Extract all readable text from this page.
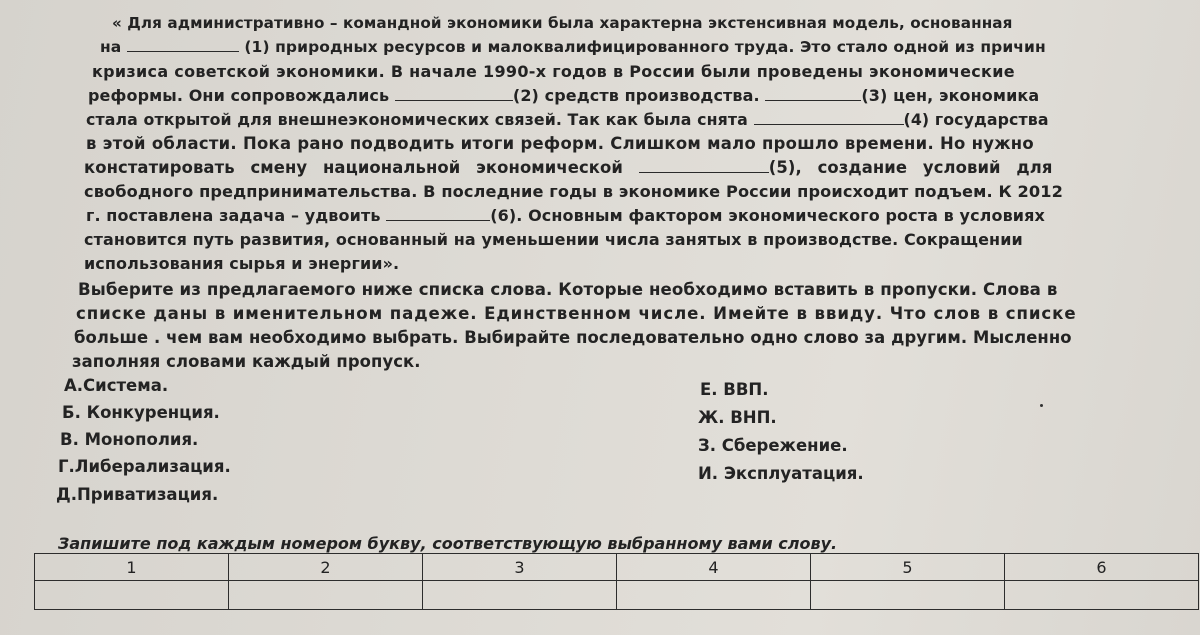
« Для административно – командной экономики была характерна экстенсивная модель, основанная
на	(1) природных ресурсов и малоквалифицированного труда. Это стало одной из причин
кризиса советской экономики. В начале 1990-х годов в России были проведены экономические
реформы. Они сопровождались	(2) средств производства.	(3) цен, экономика
стала открытой для внешнеэкономических связей. Так как была снята	(4) государства
в этой области. Пока рано подводить итоги реформ. Слишком мало прошло времени. Но нужно
констатировать смену национальной экономической	(5), создание условий для
свободного предпринимательства. В последние годы в экономике России происходит подъем. К 2012
г. поставлена задача – удвоить	(6). Основным фактором экономического роста в условиях
становится путь развития, основанный на уменьшении числа занятых в производстве. Сокращении
использования сырья и энергии».
Выберите из предлагаемого ниже списка слова. Которые необходимо вставить в пропуски. Слова в
списке даны в именительном падеже. Единственном числе. Имейте в ввиду. Что слов в списке
больше . чем вам необходимо выбрать. Выбирайте последовательно одно слово за другим. Мысленно
заполняя словами каждый пропуск.
А.Система.
Б. Конкуренция.
В. Монополия.
Г.Либерализация.
Д.Приватизация.
Е. ВВП.
Ж. ВНП.
З. Сбережение.
И. Эксплуатация.
Запишите под каждым номером букву, соответствующую выбранному вами слову.
1	2	3	4	5	6
